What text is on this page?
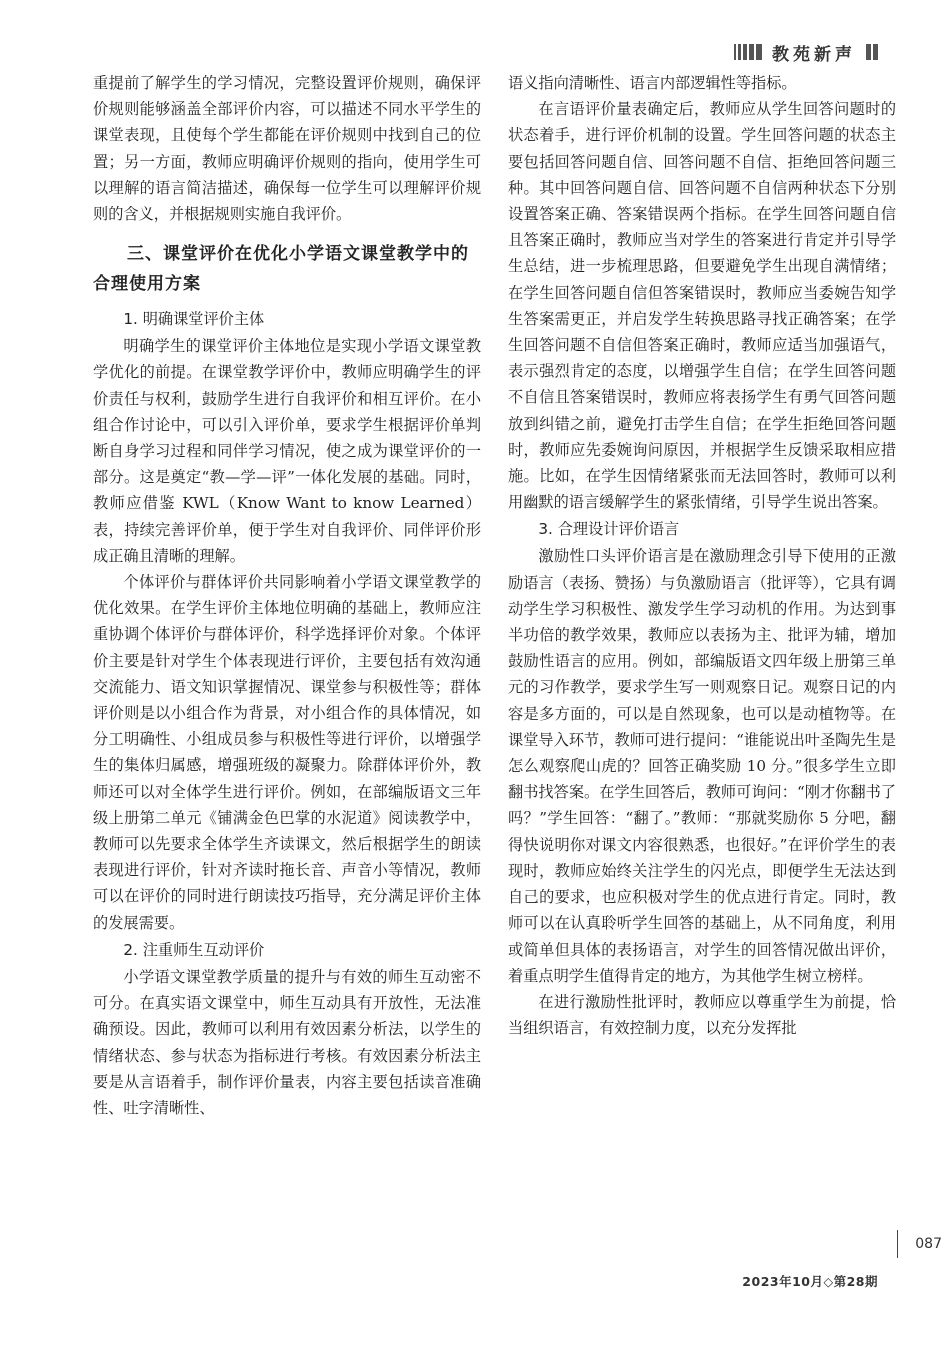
教苑新声

重提前了解学生的学习情况，完整设置评价规则，确保评价规则能够涵盖全部评价内容，可以描述不同水平学生的课堂表现，且使每个学生都能在评价规则中找到自己的位置；另一方面，教师应明确评价规则的指向，使用学生可以理解的语言简洁描述，确保每一位学生可以理解评价规则的含义，并根据规则实施自我评价。

三、课堂评价在优化小学语文课堂教学中的合理使用方案
1. 明确课堂评价主体

明确学生的课堂评价主体地位是实现小学语文课堂教学优化的前提。在课堂教学评价中，教师应明确学生的评价责任与权利，鼓励学生进行自我评价和相互评价。在小组合作讨论中，可以引入评价单，要求学生根据评价单判断自身学习过程和同伴学习情况，使之成为课堂评价的一部分。这是奠定“教—学—评”一体化发展的基础。同时，教师应借鉴 KWL（Know Want to know Learned）表，持续完善评价单，便于学生对自我评价、同伴评价形成正确且清晰的理解。

个体评价与群体评价共同影响着小学语文课堂教学的优化效果。在学生评价主体地位明确的基础上，教师应注重协调个体评价与群体评价，科学选择评价对象。个体评价主要是针对学生个体表现进行评价，主要包括有效沟通交流能力、语文知识掌握情况、课堂参与积极性等；群体评价则是以小组合作为背景，对小组合作的具体情况，如分工明确性、小组成员参与积极性等进行评价，以增强学生的集体归属感，增强班级的凝聚力。除群体评价外，教师还可以对全体学生进行评价。例如，在部编版语文三年级上册第二单元《铺满金色巴掌的水泥道》阅读教学中，教师可以先要求全体学生齐读课文，然后根据学生的朗读表现进行评价，针对齐读时拖长音、声音小等情况，教师可以在评价的同时进行朗读技巧指导，充分满足评价主体的发展需要。

2. 注重师生互动评价

小学语文课堂教学质量的提升与有效的师生互动密不可分。在真实语文课堂中，师生互动具有开放性，无法准确预设。因此，教师可以利用有效因素分析法，以学生的情绪状态、参与状态为指标进行考核。有效因素分析法主要是从言语着手，制作评价量表，内容主要包括读音准确性、吐字清晰性、

语义指向清晰性、语言内部逻辑性等指标。

在言语评价量表确定后，教师应从学生回答问题时的状态着手，进行评价机制的设置。学生回答问题的状态主要包括回答问题自信、回答问题不自信、拒绝回答问题三种。其中回答问题自信、回答问题不自信两种状态下分别设置答案正确、答案错误两个指标。在学生回答问题自信且答案正确时，教师应当对学生的答案进行肯定并引导学生总结，进一步梳理思路，但要避免学生出现自满情绪；在学生回答问题自信但答案错误时，教师应当委婉告知学生答案需更正，并启发学生转换思路寻找正确答案；在学生回答问题不自信但答案正确时，教师应适当加强语气，表示强烈肯定的态度，以增强学生自信；在学生回答问题不自信且答案错误时，教师应将表扬学生有勇气回答问题放到纠错之前，避免打击学生自信；在学生拒绝回答问题时，教师应先委婉询问原因，并根据学生反馈采取相应措施。比如，在学生因情绪紧张而无法回答时，教师可以利用幽默的语言缓解学生的紧张情绪，引导学生说出答案。

3. 合理设计评价语言

激励性口头评价语言是在激励理念引导下使用的正激励语言（表扬、赞扬）与负激励语言（批评等），它具有调动学生学习积极性、激发学生学习动机的作用。为达到事半功倍的教学效果，教师应以表扬为主、批评为辅，增加鼓励性语言的应用。例如，部编版语文四年级上册第三单元的习作教学，要求学生写一则观察日记。观察日记的内容是多方面的，可以是自然现象，也可以是动植物等。在课堂导入环节，教师可进行提问：“谁能说出叶圣陶先生是怎么观察爬山虎的？回答正确奖励 10 分。”很多学生立即翻书找答案。在学生回答后，教师可询问：“刚才你翻书了吗？”学生回答：“翻了。”教师：“那就奖励你 5 分吧，翻得快说明你对课文内容很熟悉，也很好。”在评价学生的表现时，教师应始终关注学生的闪光点，即便学生无法达到自己的要求，也应积极对学生的优点进行肯定。同时，教师可以在认真聆听学生回答的基础上，从不同角度，利用或简单但具体的表扬语言，对学生的回答情况做出评价，着重点明学生值得肯定的地方，为其他学生树立榜样。

在进行激励性批评时，教师应以尊重学生为前提，恰当组织语言，有效控制力度，以充分发挥批

087
2023年10月◇第28期
